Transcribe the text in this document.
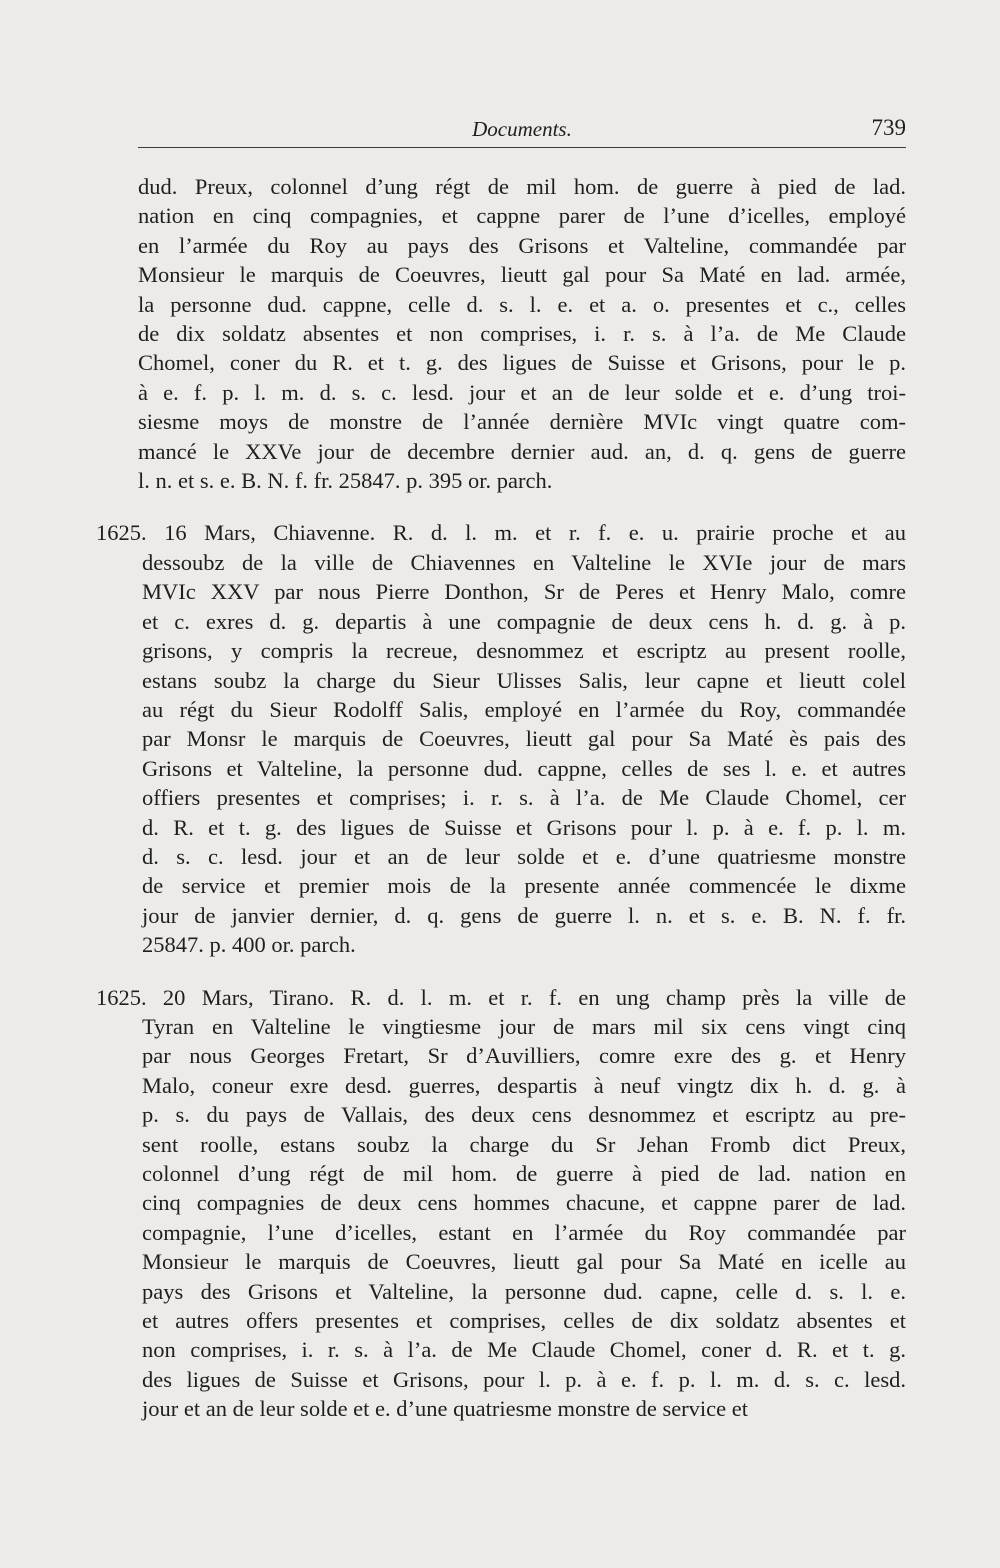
Documents.	739
dud. Preux, colonnel d’ung régt de mil hom. de guerre à pied de lad.
nation en cinq compagnies, et cappne parer de l’une d’icelles, employé
en l’armée du Roy au pays des Grisons et Valteline, commandée par
Monsieur le marquis de Coeuvres, lieutt gal pour Sa Maté en lad. armée,
la personne dud. cappne, celle d. s. l. e. et a. o. presentes et c., celles
de dix soldatz absentes et non comprises, i. r. s. à l’a. de Me Claude
Chomel, coner du R. et t. g. des ligues de Suisse et Grisons, pour le p.
à e. f. p. l. m. d. s. c. lesd. jour et an de leur solde et e. d’ung troi-
siesme moys de monstre de l’année dernière MVIc vingt quatre com-
mancé le XXVe jour de decembre dernier aud. an, d. q. gens de guerre
l. n. et s. e. B. N. f. fr. 25847. p. 395 or. parch.
1625. 16 Mars, Chiavenne. R. d. l. m. et r. f. e. u. prairie proche et au
dessoubz de la ville de Chiavennes en Valteline le XVIe jour de mars
MVIc XXV par nous Pierre Donthon, Sr de Peres et Henry Malo, comre
et c. exres d. g. departis à une compagnie de deux cens h. d. g. à p.
grisons, y compris la recreue, desnommez et escriptz au present roolle,
estans soubz la charge du Sieur Ulisses Salis, leur capne et lieutt colel
au régt du Sieur Rodolff Salis, employé en l’armée du Roy, commandée
par Monsr le marquis de Coeuvres, lieutt gal pour Sa Maté ès pais des
Grisons et Valteline, la personne dud. cappne, celles de ses l. e. et autres
offiers presentes et comprises; i. r. s. à l’a. de Me Claude Chomel, cer
d. R. et t. g. des ligues de Suisse et Grisons pour l. p. à e. f. p. l. m.
d. s. c. lesd. jour et an de leur solde et e. d’une quatriesme monstre
de service et premier mois de la presente année commencée le dixme
jour de janvier dernier, d. q. gens de guerre l. n. et s. e. B. N. f. fr.
25847. p. 400 or. parch.
1625. 20 Mars, Tirano. R. d. l. m. et r. f. en ung champ près la ville de
Tyran en Valteline le vingtiesme jour de mars mil six cens vingt cinq
par nous Georges Fretart, Sr d’Auvilliers, comre exre des g. et Henry
Malo, coneur exre desd. guerres, despartis à neuf vingtz dix h. d. g. à
p. s. du pays de Vallais, des deux cens desnommez et escriptz au pre-
sent roolle, estans soubz la charge du Sr Jehan Fromb dict Preux,
colonnel d’ung régt de mil hom. de guerre à pied de lad. nation en
cinq compagnies de deux cens hommes chacune, et cappne parer de lad.
compagnie, l’une d’icelles, estant en l’armée du Roy commandée par
Monsieur le marquis de Coeuvres, lieutt gal pour Sa Maté en icelle au
pays des Grisons et Valteline, la personne dud. capne, celle d. s. l. e.
et autres offers presentes et comprises, celles de dix soldatz absentes et
non comprises, i. r. s. à l’a. de Me Claude Chomel, coner d. R. et t. g.
des ligues de Suisse et Grisons, pour l. p. à e. f. p. l. m. d. s. c. lesd.
jour et an de leur solde et e. d’une quatriesme monstre de service et
